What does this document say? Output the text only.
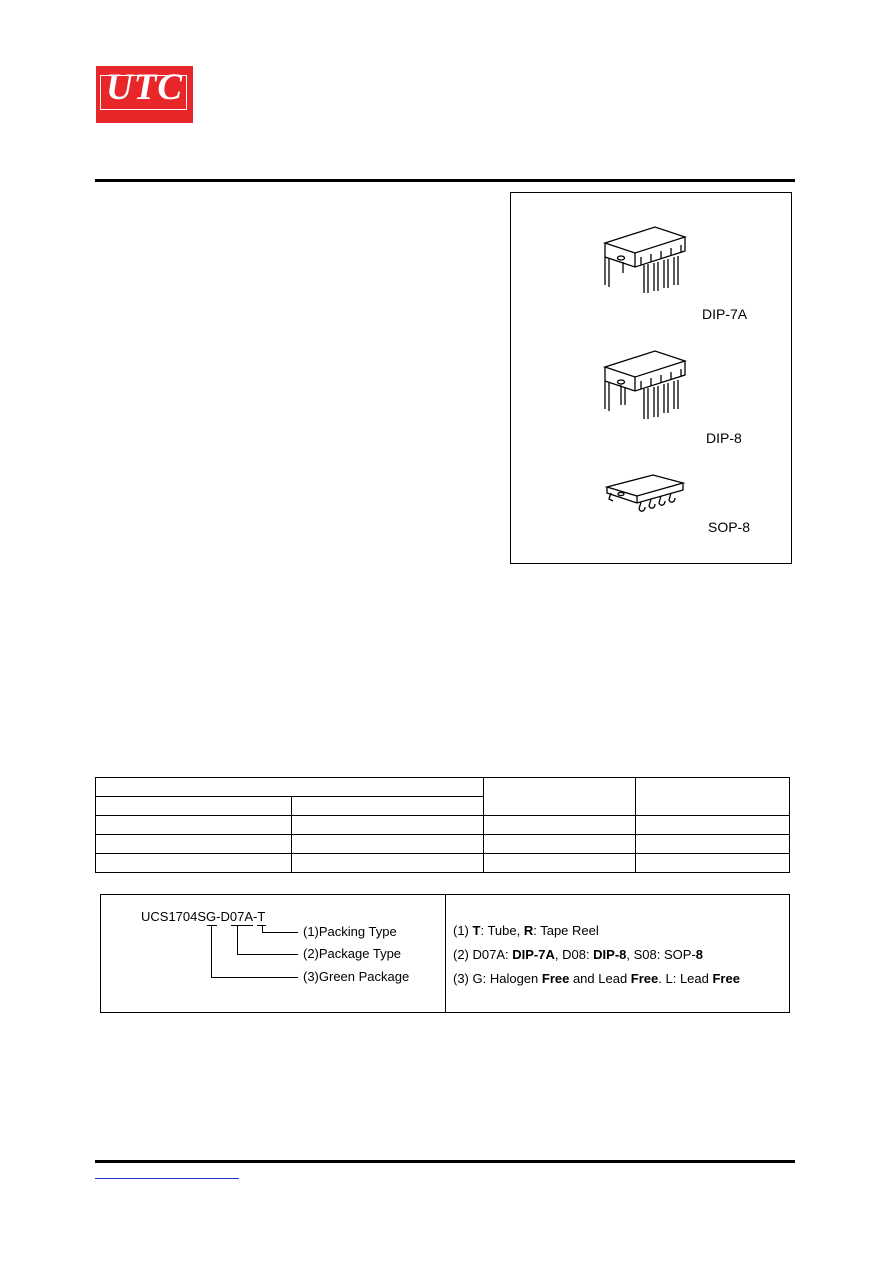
UTC
DIP-7A
DIP-8
SOP-8

UCS1704SG-D07A-T
(1)Packing Type
(2)Package Type
(3)Green Package
(1) T: Tube, R: Tape Reel
(2) D07A: DIP-7A, D08: DIP-8, S08: SOP-8
(3) G: Halogen Free and Lead Free. L: Lead Free
